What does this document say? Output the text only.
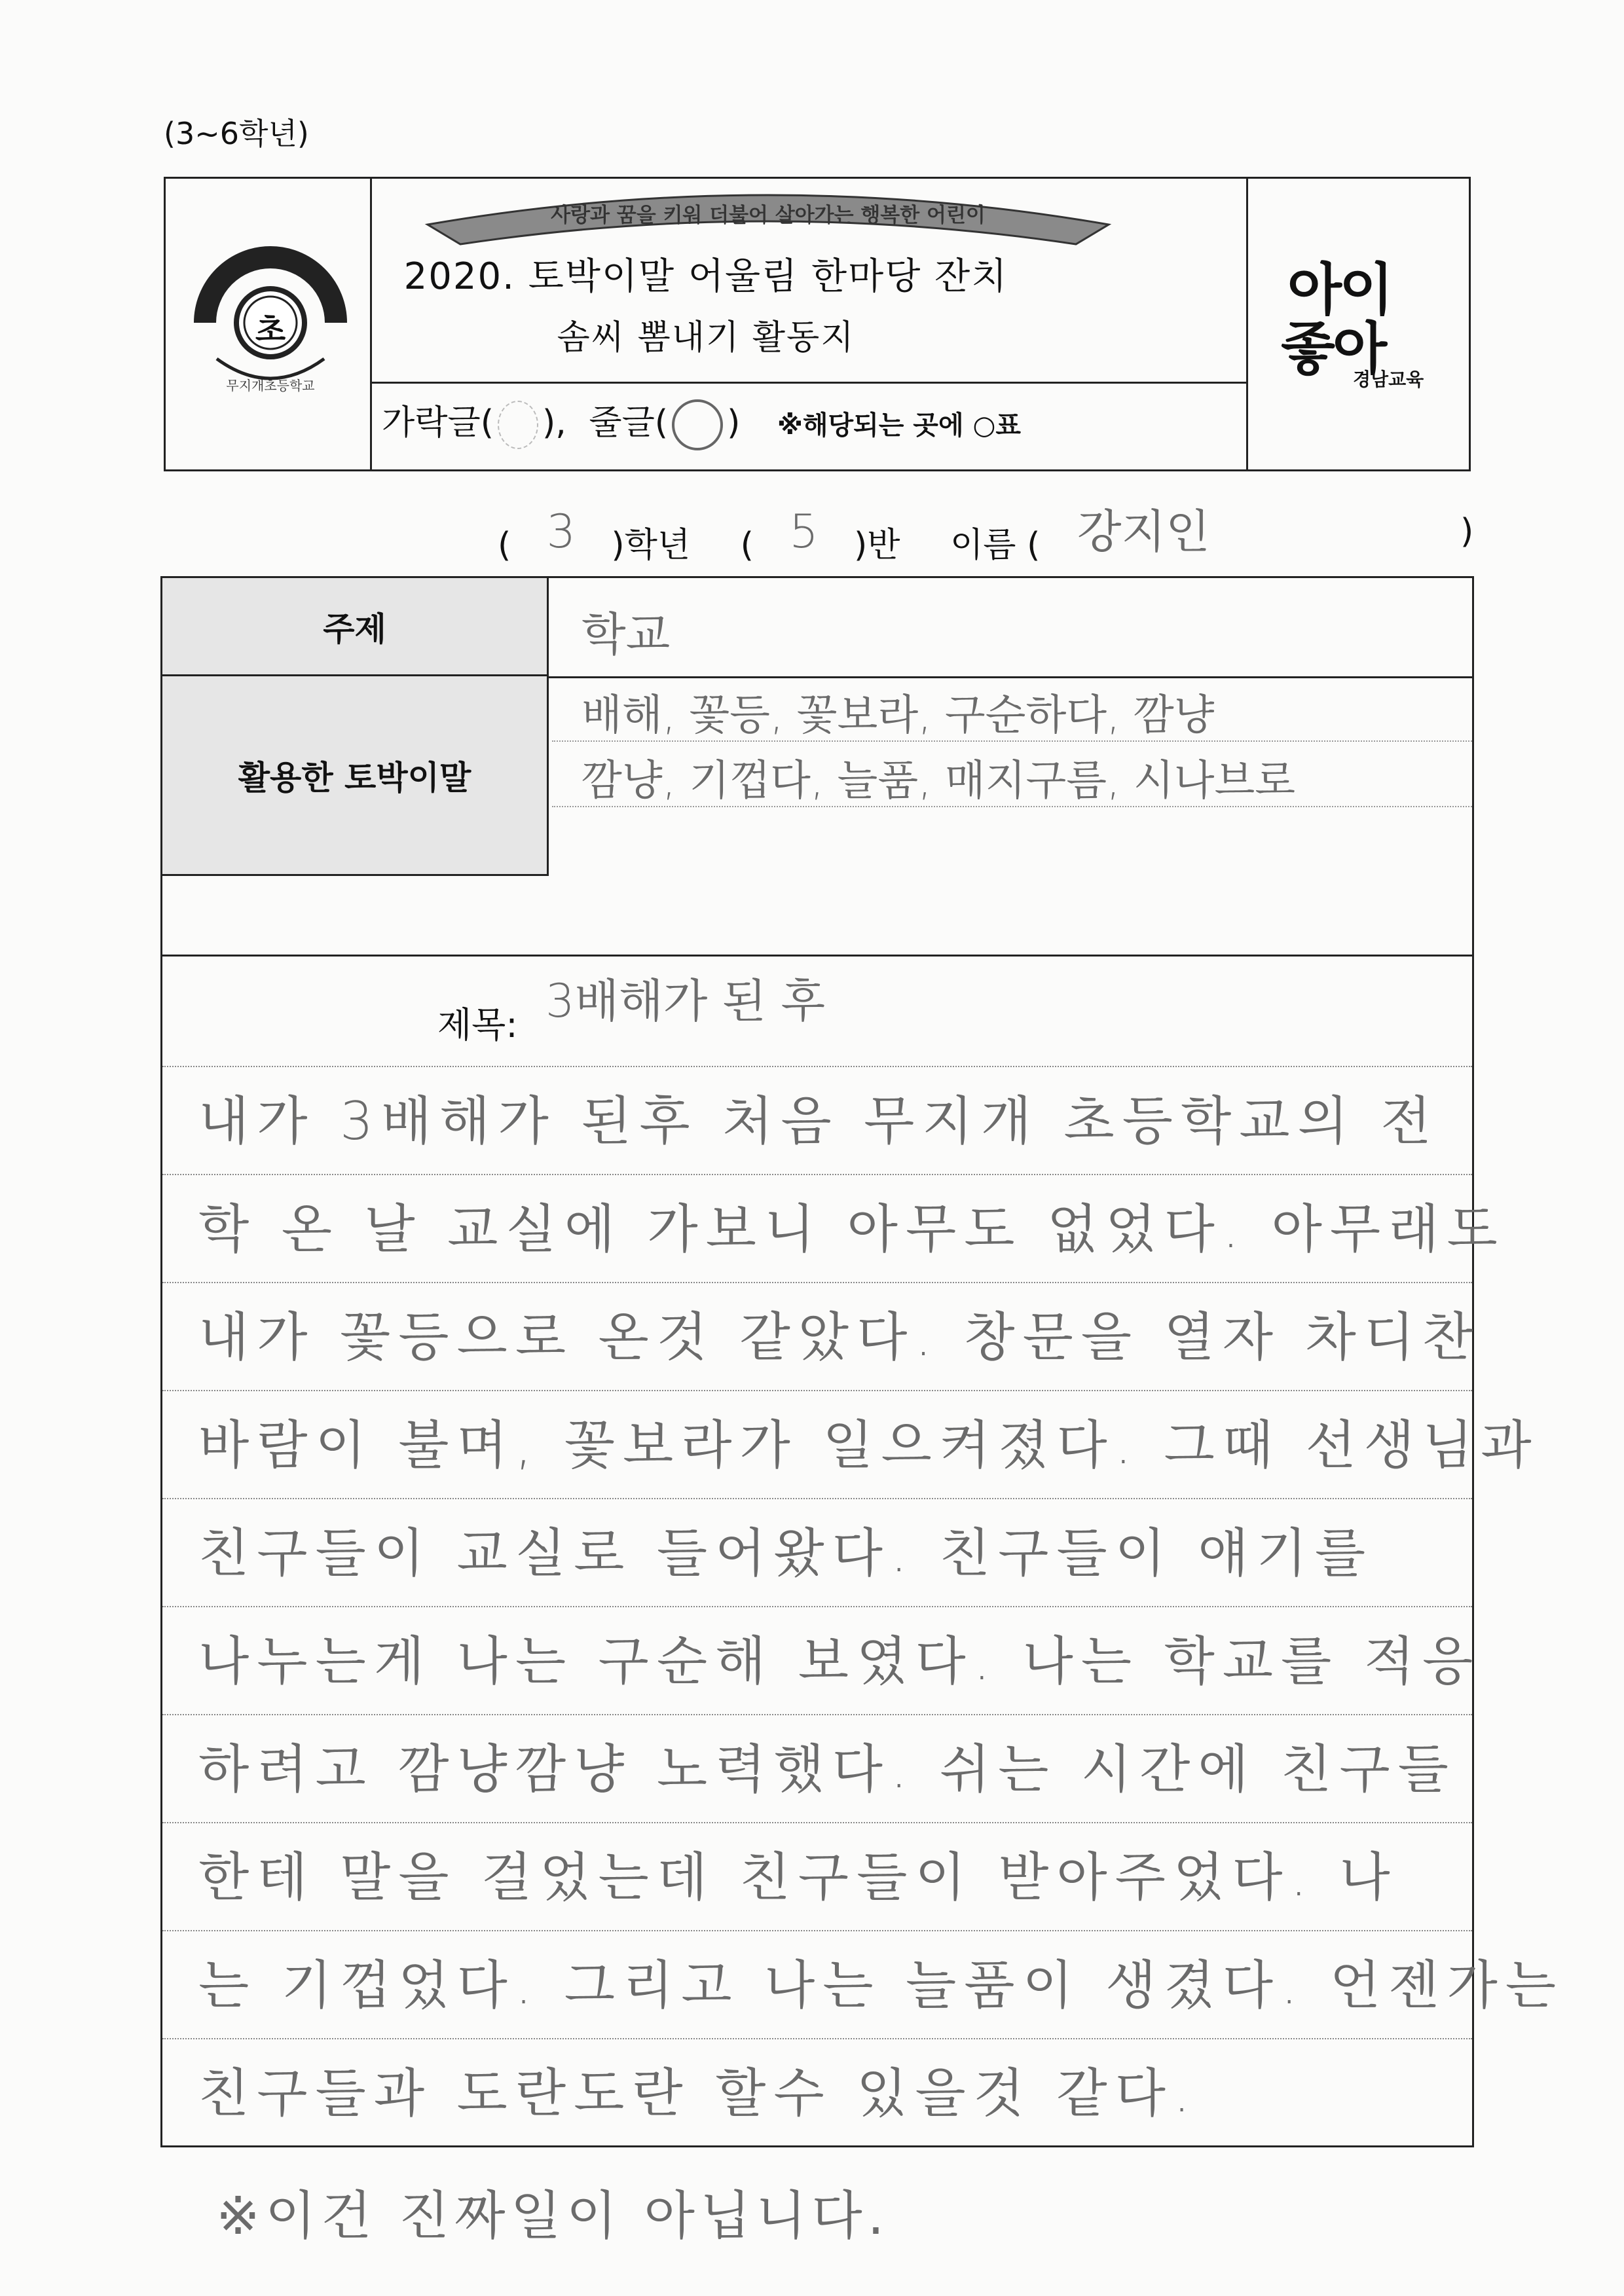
(3~6학년)
초
무지개초등학교
사랑과 꿈을 키워 더불어 살아가는 행복한 어린이
2020. 토박이말 어울림 한마당 잔치
솜씨 뽐내기 활동지
가락글( ), 줄글( ) ※해당되는 곳에 ○표
아이
좋아
경남교육
( 3 )학년 ( 5 )반 이름 ( 강지인	)
주제	학교
활용한 토박이말
배해, 꽃등, 꽃보라, 구순하다, 깜냥
깜냥, 기껍다, 늘품, 매지구름, 시나브로
제목: 3배해가 된 후
내가 3배해가 된후 처음 무지개 초등학교의 전
학 온 날 교실에 가보니 아무도 없었다. 아무래도
내가 꽃등으로 온것 같았다. 창문을 열자 차디찬
바람이 불며, 꽃보라가 일으켜졌다. 그때 선생님과
친구들이 교실로 들어왔다. 친구들이 얘기를
나누는게 나는 구순해 보였다. 나는 학교를 적응
하려고 깜냥깜냥 노력했다. 쉬는 시간에 친구들
한테 말을 걸었는데 친구들이 받아주었다. 나
는 기껍었다. 그리고 나는 늘품이 생겼다. 언젠가는
친구들과 도란도란 할수 있을것 같다.
※이건 진짜일이 아닙니다.
